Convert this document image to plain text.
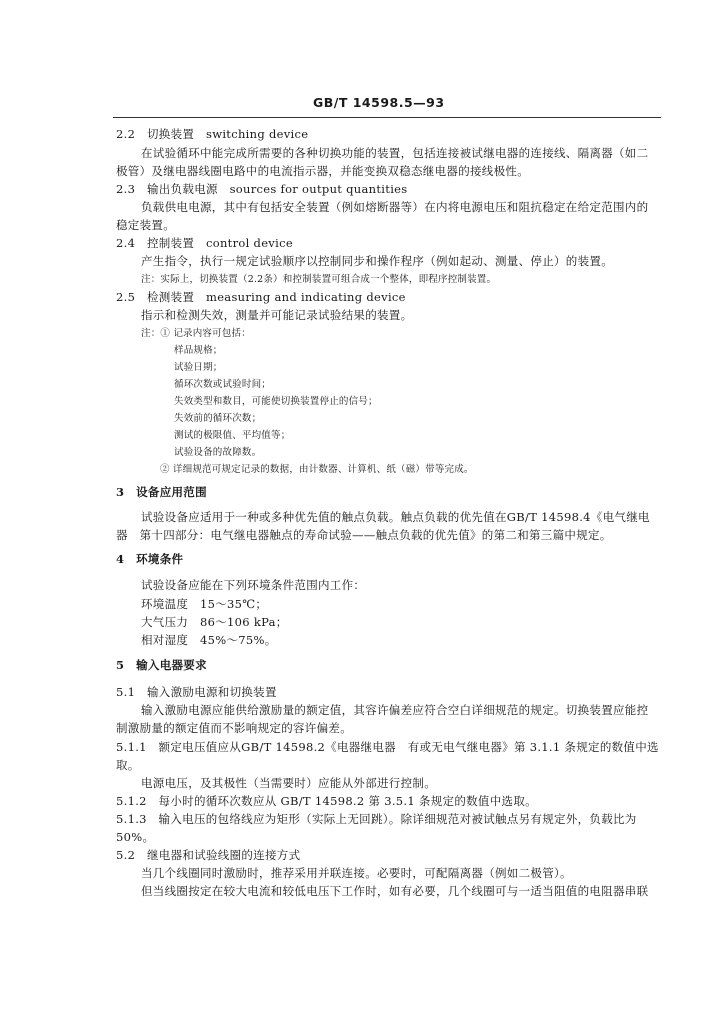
GB/T 14598.5—93
2.2　切换装置　switching device
在试验循环中能完成所需要的各种切换功能的装置，包括连接被试继电器的连接线、隔离器（如二
极管）及继电器线圈电路中的电流指示器，并能变换双稳态继电器的接线极性。
2.3　输出负载电源　sources for output quantities
负载供电电源，其中有包括安全装置（例如熔断器等）在内将电源电压和阻抗稳定在给定范围内的
稳定装置。
2.4　控制装置　control device
产生指令，执行一规定试验顺序以控制同步和操作程序（例如起动、测量、停止）的装置。
注：实际上，切换装置（2.2条）和控制装置可组合成一个整体，即程序控制装置。
2.5　检测装置　measuring and indicating device
指示和检测失效，测量并可能记录试验结果的装置。
注：① 记录内容可包括：
样品规格；
试验日期；
循环次数或试验时间；
失效类型和数目，可能使切换装置停止的信号；
失效前的循环次数；
测试的极限值、平均值等；
试验设备的故障数。
② 详细规范可规定记录的数据，由计数器、计算机、纸（磁）带等完成。
3　设备应用范围
试验设备应适用于一种或多种优先值的触点负载。触点负载的优先值在GB/T 14598.4《电气继电
器　第十四部分：电气继电器触点的寿命试验——触点负载的优先值》的第二和第三篇中规定。
4　环境条件
试验设备应能在下列环境条件范围内工作：
环境温度　15～35℃；
大气压力　86～106 kPa；
相对湿度　45%～75%。
5　输入电器要求
5.1　输入激励电源和切换装置
输入激励电源应能供给激励量的额定值，其容许偏差应符合空白详细规范的规定。切换装置应能控
制激励量的额定值而不影响规定的容许偏差。
5.1.1　额定电压值应从GB/T 14598.2《电器继电器　有或无电气继电器》第 3.1.1 条规定的数值中选
取。
电源电压，及其极性（当需要时）应能从外部进行控制。
5.1.2　每小时的循环次数应从 GB/T 14598.2 第 3.5.1 条规定的数值中选取。
5.1.3　输入电压的包络线应为矩形（实际上无回跳）。除详细规范对被试触点另有规定外，负载比为
50%。
5.2　继电器和试验线圈的连接方式
当几个线圈同时激励时，推荐采用并联连接。必要时，可配隔离器（例如二极管）。
但当线圈按定在较大电流和较低电压下工作时，如有必要，几个线圈可与一适当阻值的电阻器串联
